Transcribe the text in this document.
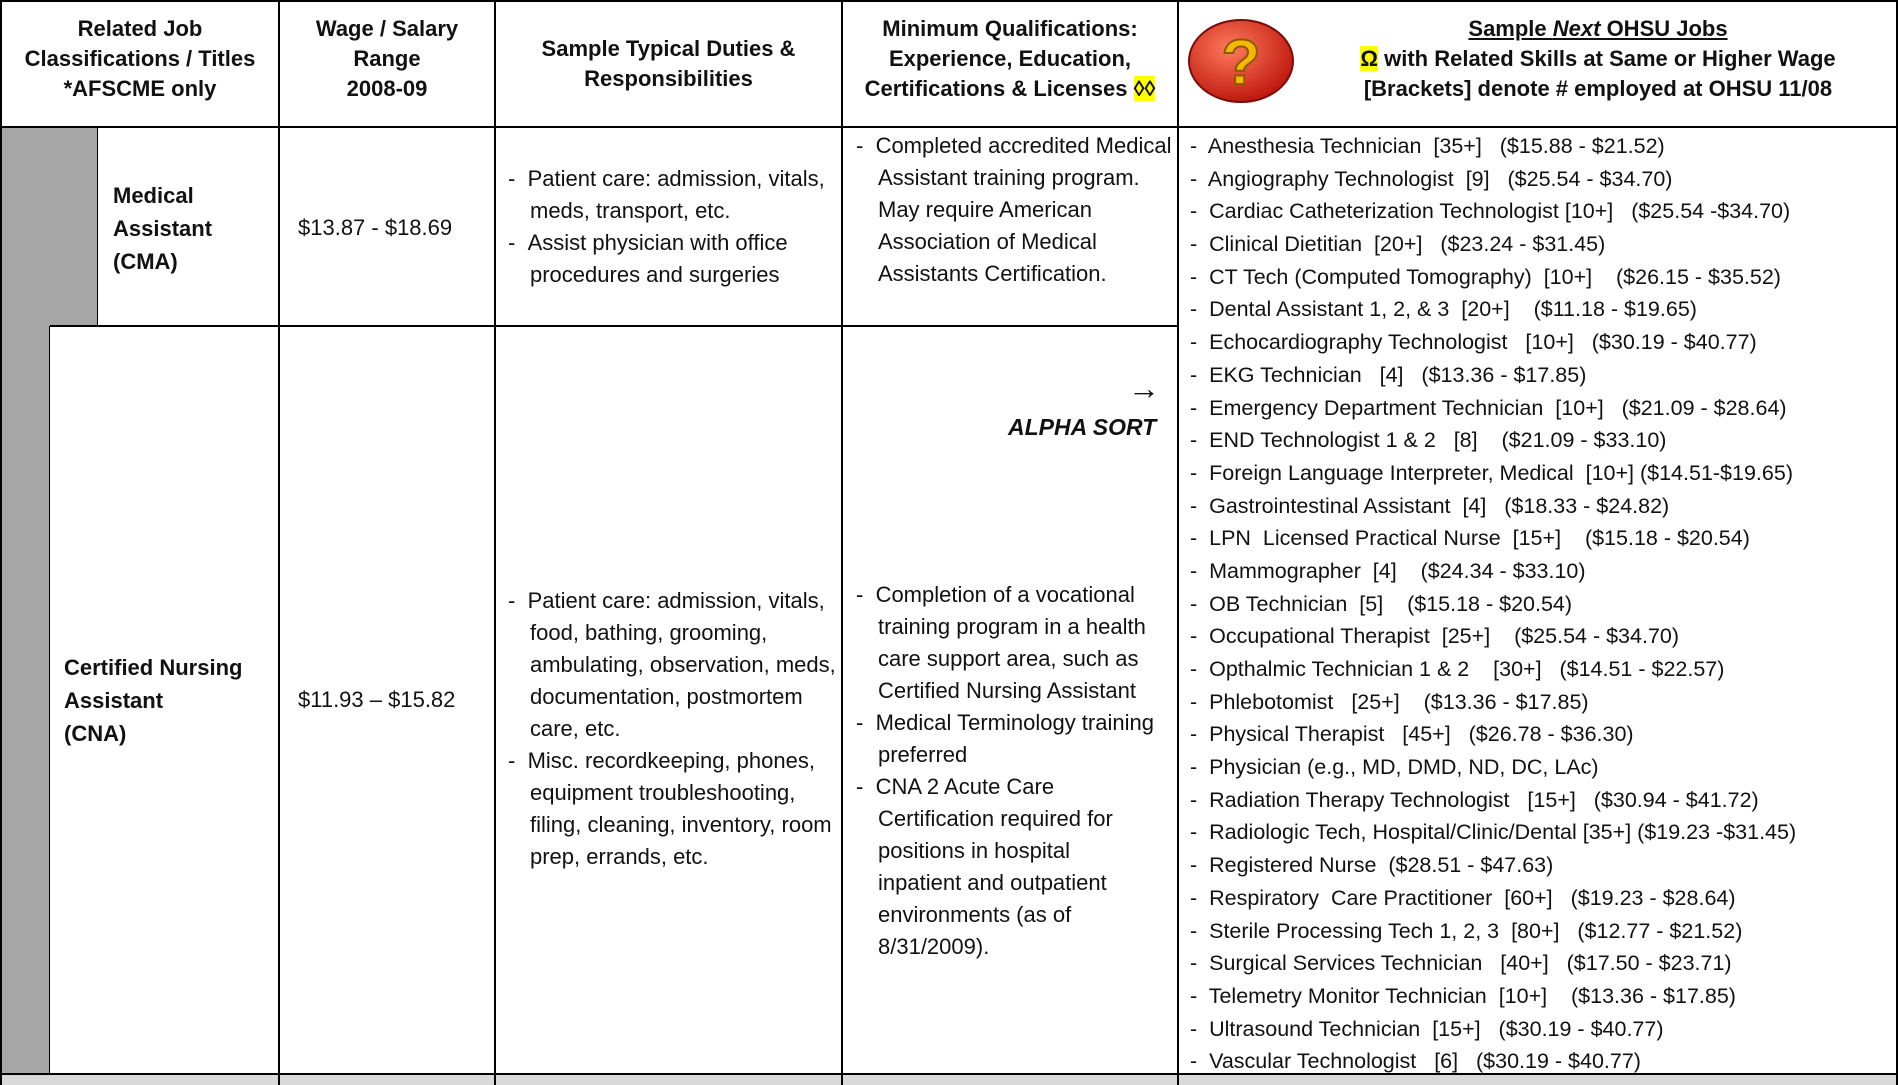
Related Job
Classifications / Titles
*AFSCME only
Wage / Salary
Range
2008-09
Sample Typical Duties &
Responsibilities
Minimum Qualifications:
Experience, Education,
Certifications & Licenses ◊◊	?	Sample Next OHSU Jobs
Ω with Related Skills at Same or Higher Wage
[Brackets] denote # employed at OHSU 11/08
Medical
Assistant
(CMA)
$13.87 - $18.69

-  Patient care: admission, vitals, meds, transport, etc.

-  Assist physician with office procedures and surgeries

-  Completed accredited Medical Assistant training program. May require American Association of Medical Assistants Certification.

Certified Nursing
Assistant
(CNA)
$11.93 – $15.82

-  Patient care: admission, vitals, food, bathing, grooming, ambulating, observation, meds, documentation, postmortem care, etc.

-  Misc. recordkeeping, phones, equipment troubleshooting, filing, cleaning, inventory, room prep, errands, etc.

-  Completion of a vocational training program in a health care support area, such as Certified Nursing Assistant

-  Medical Terminology training preferred

-  CNA 2 Acute Care Certification required for positions in hospital inpatient and outpatient environments (as of 8/31/2009).

→
ALPHA SORT
-  Anesthesia Technician  [35+]   ($15.88 - $21.52)
-  Angiography Technologist  [9]   ($25.54 - $34.70)
-  Cardiac Catheterization Technologist [10+]   ($25.54 -$34.70)
-  Clinical Dietitian  [20+]   ($23.24 - $31.45)
-  CT Tech (Computed Tomography)  [10+]    ($26.15 - $35.52)
-  Dental Assistant 1, 2, & 3  [20+]    ($11.18 - $19.65)
-  Echocardiography Technologist   [10+]   ($30.19 - $40.77)
-  EKG Technician   [4]   ($13.36 - $17.85)
-  Emergency Department Technician  [10+]   ($21.09 - $28.64)
-  END Technologist 1 & 2   [8]    ($21.09 - $33.10)
-  Foreign Language Interpreter, Medical  [10+] ($14.51-$19.65)
-  Gastrointestinal Assistant  [4]   ($18.33 - $24.82)
-  LPN  Licensed Practical Nurse  [15+]    ($15.18 - $20.54)
-  Mammographer  [4]    ($24.34 - $33.10)
-  OB Technician  [5]    ($15.18 - $20.54)
-  Occupational Therapist  [25+]    ($25.54 - $34.70)
-  Opthalmic Technician 1 & 2    [30+]   ($14.51 - $22.57)
-  Phlebotomist   [25+]    ($13.36 - $17.85)
-  Physical Therapist   [45+]   ($26.78 - $36.30)
-  Physician (e.g., MD, DMD, ND, DC, LAc)
-  Radiation Therapy Technologist   [15+]   ($30.94 - $41.72)
-  Radiologic Tech, Hospital/Clinic/Dental [35+] ($19.23 -$31.45)
-  Registered Nurse  ($28.51 - $47.63)
-  Respiratory  Care Practitioner  [60+]   ($19.23 - $28.64)
-  Sterile Processing Tech 1, 2, 3  [80+]   ($12.77 - $21.52)
-  Surgical Services Technician   [40+]   ($17.50 - $23.71)
-  Telemetry Monitor Technician  [10+]    ($13.36 - $17.85)
-  Ultrasound Technician  [15+]   ($30.19 - $40.77)
-  Vascular Technologist   [6]   ($30.19 - $40.77)
